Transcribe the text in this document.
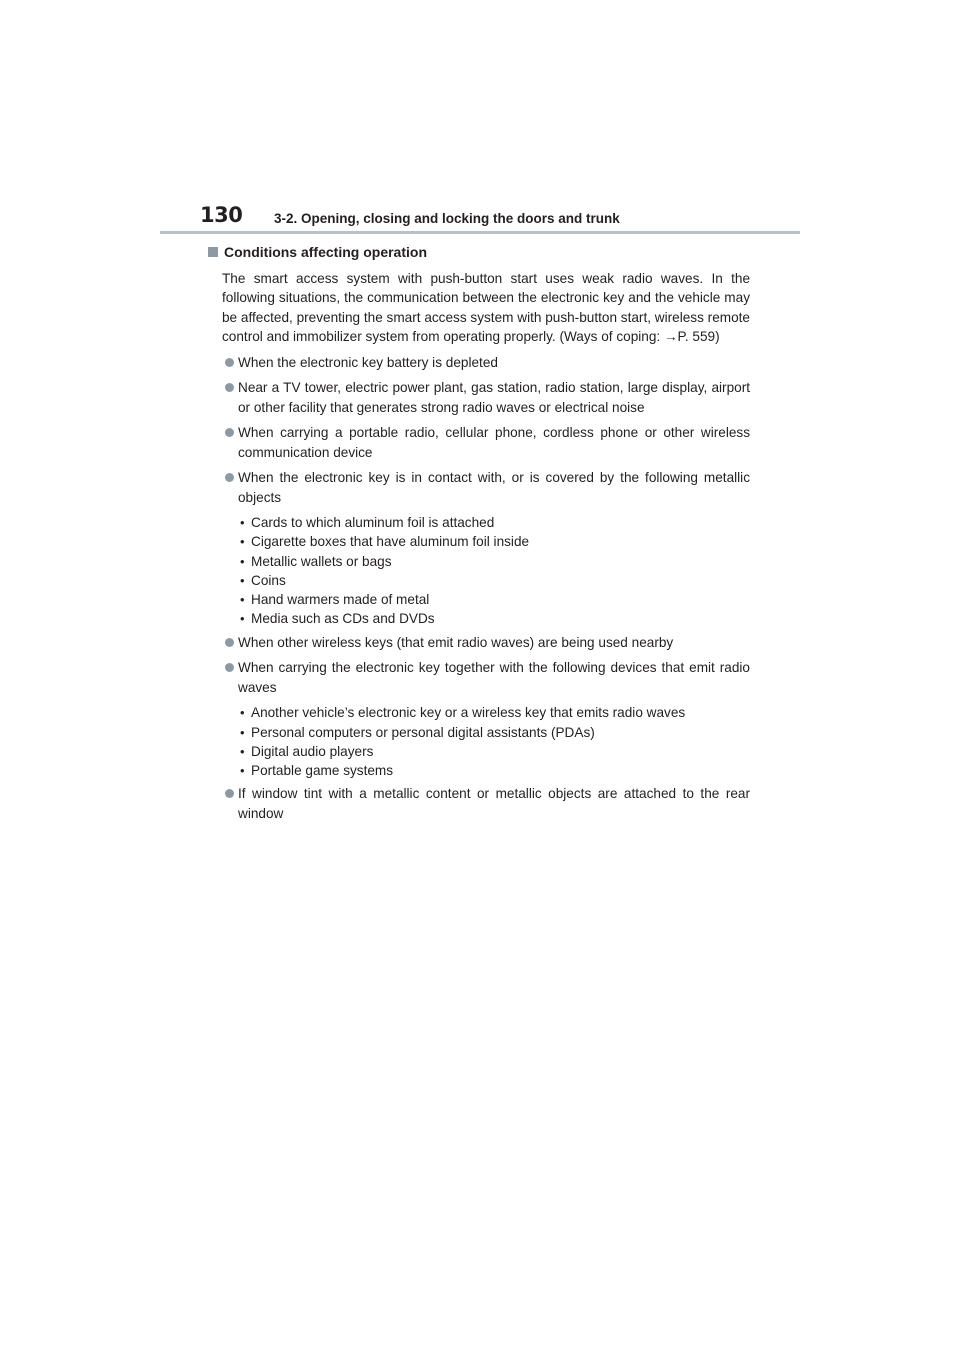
130 3-2. Opening, closing and locking the doors and trunk
Conditions affecting operation

The smart access system with push-button start uses weak radio waves. In the following situations, the communication between the electronic key and the vehicle may be affected, preventing the smart access system with push-button start, wireless remote control and immobilizer system from operating properly. (Ways of coping: →P. 559)

When the electronic key battery is depleted
Near a TV tower, electric power plant, gas station, radio station, large display, airport or other facility that generates strong radio waves or electrical noise
When carrying a portable radio, cellular phone, cordless phone or other wireless communication device
When the electronic key is in contact with, or is covered by the following metallic objects
• Cards to which aluminum foil is attached
• Cigarette boxes that have aluminum foil inside
• Metallic wallets or bags
• Coins
• Hand warmers made of metal
• Media such as CDs and DVDs
When other wireless keys (that emit radio waves) are being used nearby
When carrying the electronic key together with the following devices that emit radio waves
• Another vehicle’s electronic key or a wireless key that emits radio waves
• Personal computers or personal digital assistants (PDAs)
• Digital audio players
• Portable game systems
If window tint with a metallic content or metallic objects are attached to the rear window
